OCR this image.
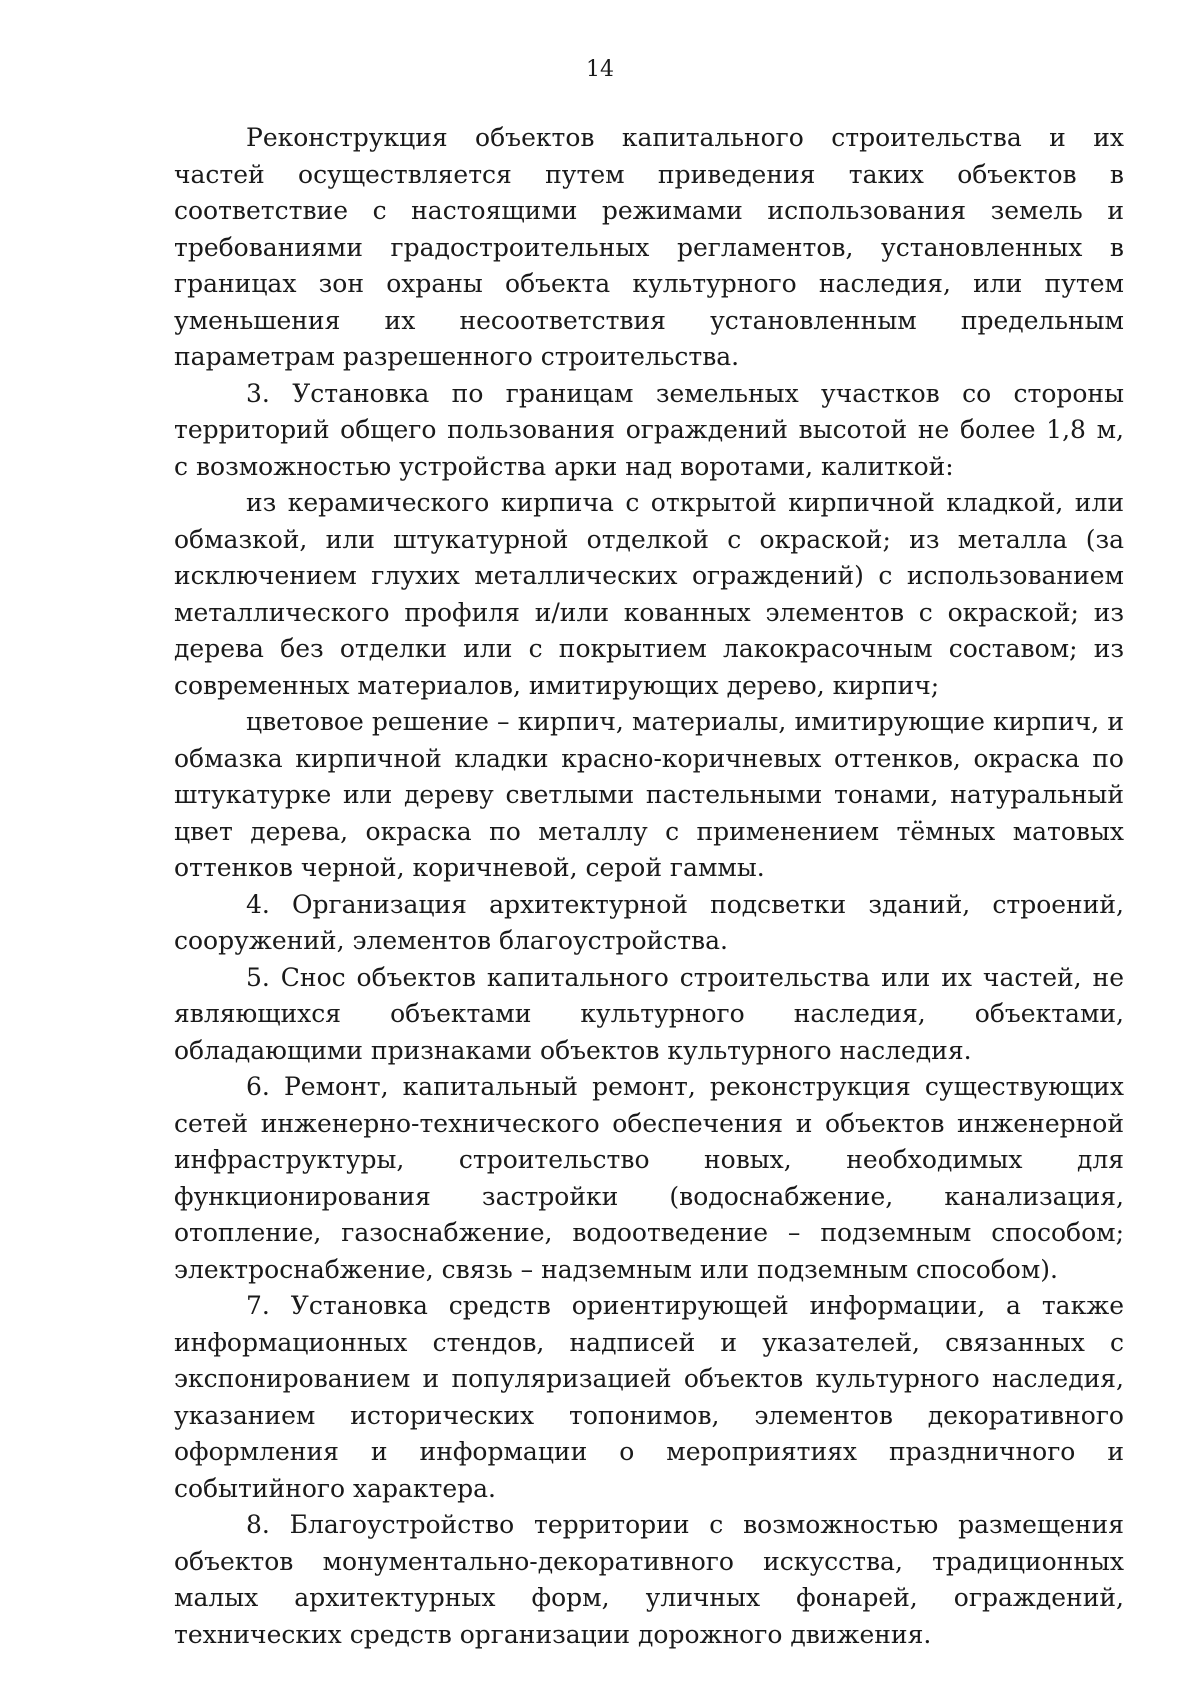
14

Реконструкция объектов капитального строительства и их частей осуществляется путем приведения таких объектов в соответствие с настоящими режимами использования земель и требованиями градостроительных регламентов, установленных в границах зон охраны объекта культурного наследия, или путем уменьшения их несоответствия установленным предельным параметрам разрешенного строительства.

3. Установка по границам земельных участков со стороны территорий общего пользования ограждений высотой не более 1,8 м, с возможностью устройства арки над воротами, калиткой:

из керамического кирпича с открытой кирпичной кладкой, или обмазкой, или штукатурной отделкой с окраской; из металла (за исключением глухих металлических ограждений) с использованием металлического профиля и/или кованных элементов с окраской; из дерева без отделки или с покрытием лакокрасочным составом; из современных материалов, имитирующих дерево, кирпич;

цветовое решение – кирпич, материалы, имитирующие кирпич, и обмазка кирпичной кладки красно-коричневых оттенков, окраска по штукатурке или дереву светлыми пастельными тонами, натуральный цвет дерева, окраска по металлу с применением тёмных матовых оттенков черной, коричневой, серой гаммы.

4. Организация архитектурной подсветки зданий, строений, сооружений, элементов благоустройства.

5. Снос объектов капитального строительства или их частей, не являющихся объектами культурного наследия, объектами, обладающими признаками объектов культурного наследия.

6. Ремонт, капитальный ремонт, реконструкция существующих сетей инженерно-технического обеспечения и объектов инженерной инфраструктуры, строительство новых, необходимых для функционирования застройки (водоснабжение, канализация, отопление, газоснабжение, водоотведение – подземным способом; электроснабжение, связь – надземным или подземным способом).

7. Установка средств ориентирующей информации, а также информационных стендов, надписей и указателей, связанных с экспонированием и популяризацией объектов культурного наследия, указанием исторических топонимов, элементов декоративного оформления и информации о мероприятиях праздничного и событийного характера.

8. Благоустройство территории с возможностью размещения объектов монументально-декоративного искусства, традиционных малых архитектурных форм, уличных фонарей, ограждений, технических средств организации дорожного движения.
